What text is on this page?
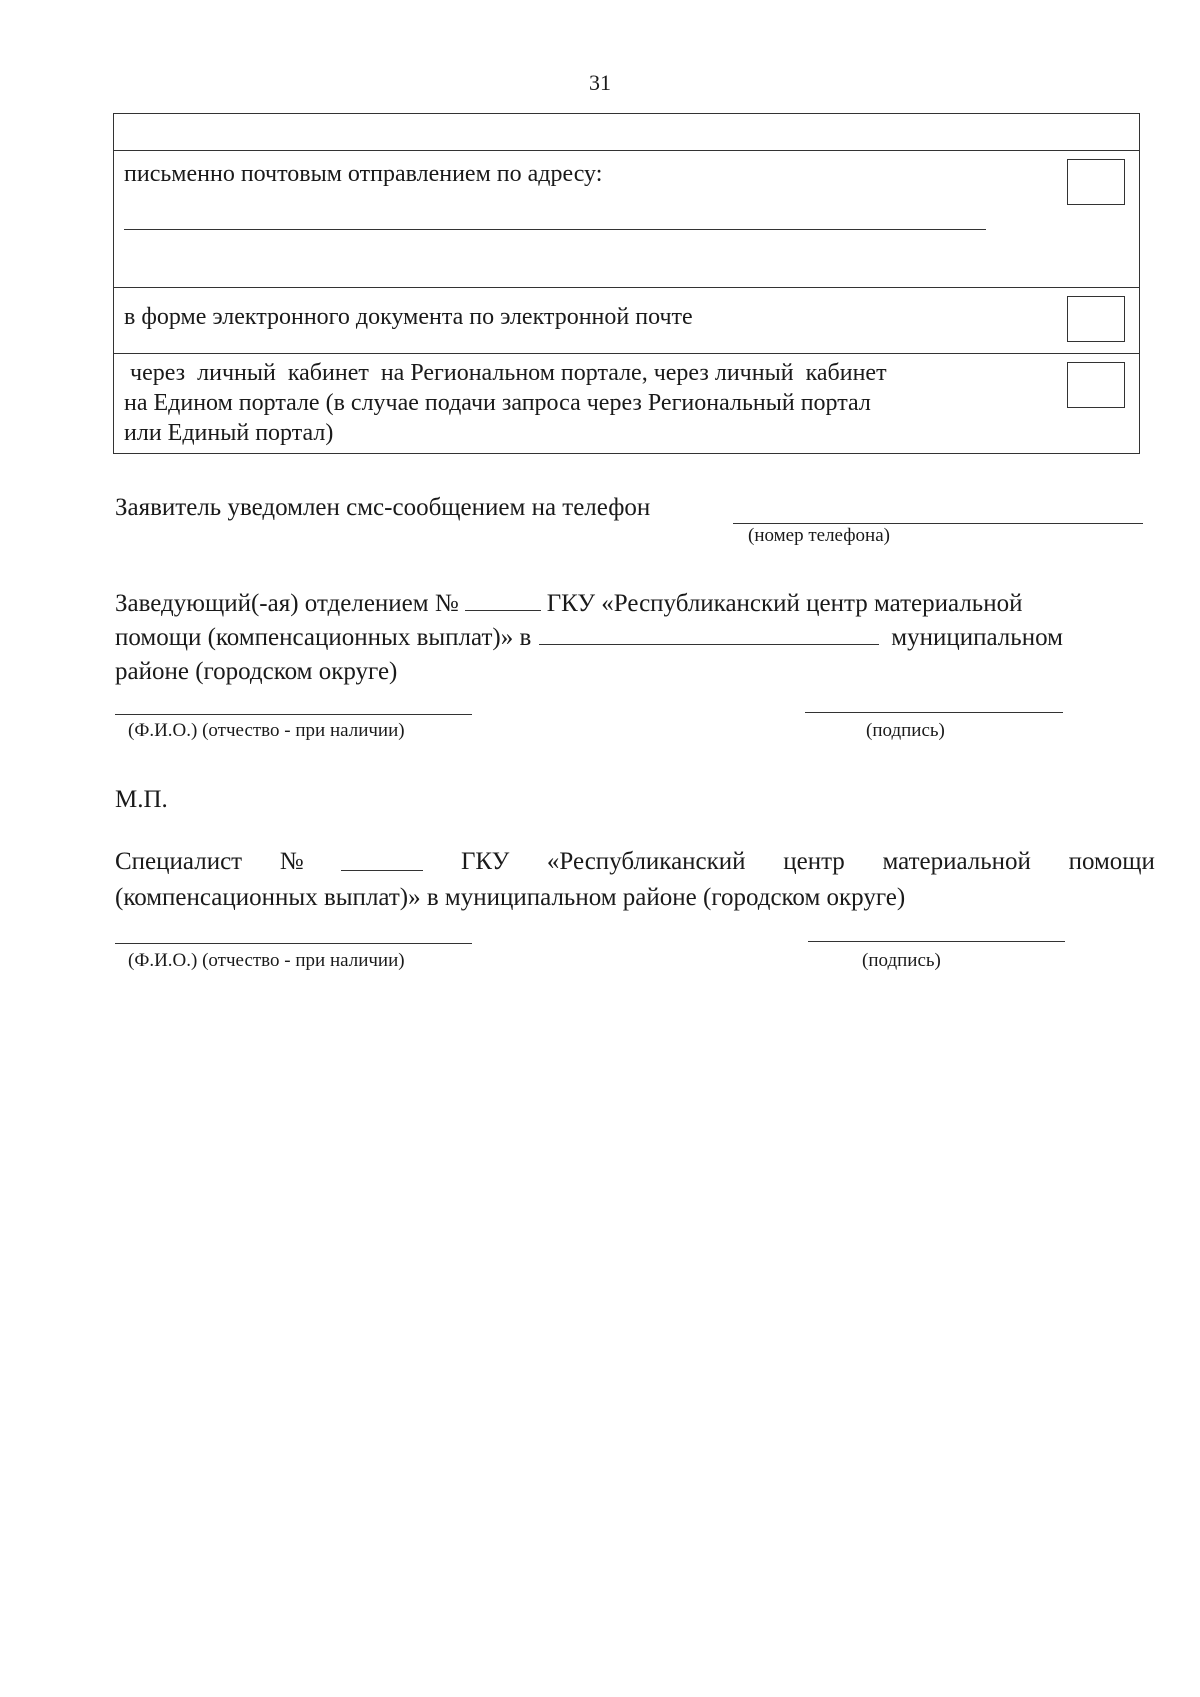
31
письменно почтовым отправлением по адресу:
в форме электронного документа по электронной почте
через  личный  кабинет  на Региональном портале, через личный  кабинет
на Едином портале (в случае подачи запроса через Региональный портал
или Единый портал)
Заявитель уведомлен смс-сообщением на телефон
(номер телефона)
Заведующий(-ая) отделением №	ГКУ «Республиканский центр материальной
помощи (компенсационных выплат)» в	муниципальном
районе (городском округе)
(Ф.И.О.) (отчество - при наличии)	(подпись)
М.П.
Специалист №	ГКУ «Республиканский центр материальной помощи
(компенсационных выплат)» в муниципальном районе (городском округе)
(Ф.И.О.) (отчество - при наличии)	(подпись)
